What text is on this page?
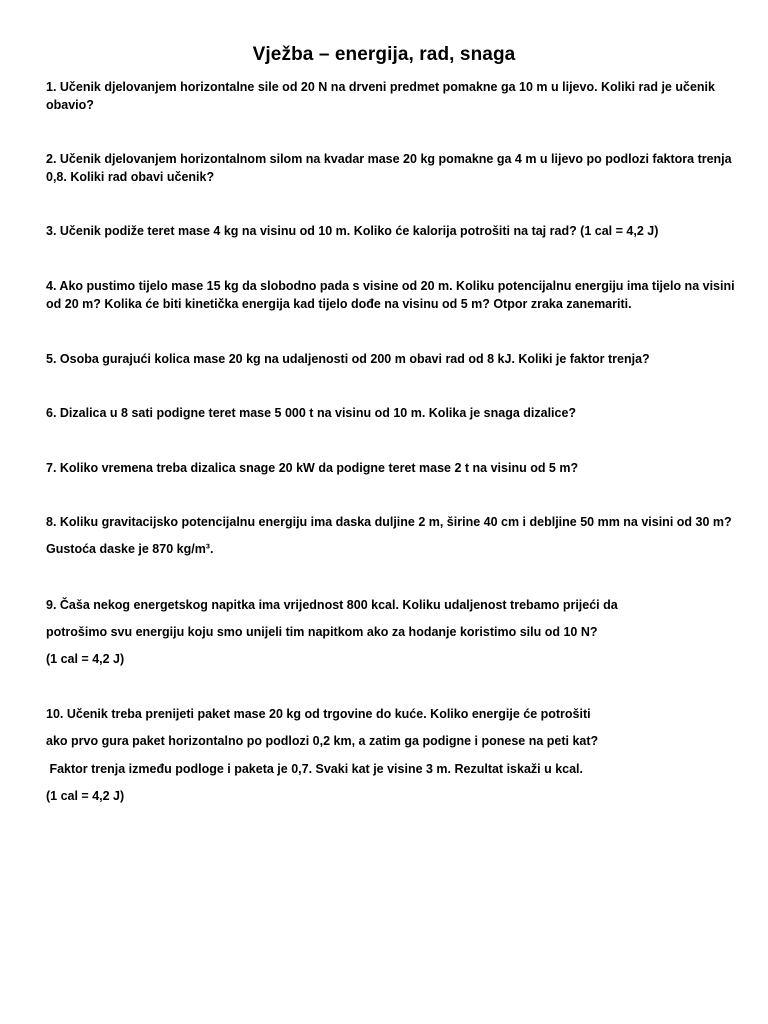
Vježba – energija, rad, snaga
1. Učenik djelovanjem horizontalne sile od 20 N na drveni predmet pomakne ga 10 m u lijevo. Koliki rad je učenik
obavio?
2. Učenik djelovanjem horizontalnom silom na kvadar mase 20 kg pomakne ga 4 m u lijevo po podlozi faktora trenja
0,8. Koliki rad obavi učenik?
3. Učenik podiže teret mase 4 kg na visinu od 10 m. Koliko će kalorija potrošiti na taj rad? (1 cal = 4,2 J)
4. Ako pustimo tijelo mase 15 kg da slobodno pada s visine od 20 m. Koliku potencijalnu energiju ima tijelo na visini
od 20 m? Kolika će biti kinetička energija kad tijelo dođe na visinu od 5 m? Otpor zraka zanemariti.
5. Osoba gurajući kolica mase 20 kg na udaljenosti od 200 m obavi rad od 8 kJ. Koliki je faktor trenja?
6. Dizalica u 8 sati podigne teret mase 5 000 t na visinu od 10 m. Kolika je snaga dizalice?
7. Koliko vremena treba dizalica snage 20 kW da podigne teret mase 2 t na visinu od 5 m?
8. Koliku gravitacijsko potencijalnu energiju ima daska duljine 2 m, širine 40 cm i debljine 50 mm na visini od 30 m?
Gustoća daske je 870 kg/m³.
9. Čaša nekog energetskog napitka ima vrijednost 800 kcal. Koliku udaljenost trebamo prijeći da
potrošimo svu energiju koju smo unijeli tim napitkom ako za hodanje koristimo silu od 10 N?
(1 cal = 4,2 J)
10. Učenik treba prenijeti paket mase 20 kg od trgovine do kuće. Koliko energije će potrošiti
ako prvo gura paket horizontalno po podlozi 0,2 km, a zatim ga podigne i ponese na peti kat?
Faktor trenja između podloge i paketa je 0,7. Svaki kat je visine 3 m. Rezultat iskaži u kcal.
(1 cal = 4,2 J)
